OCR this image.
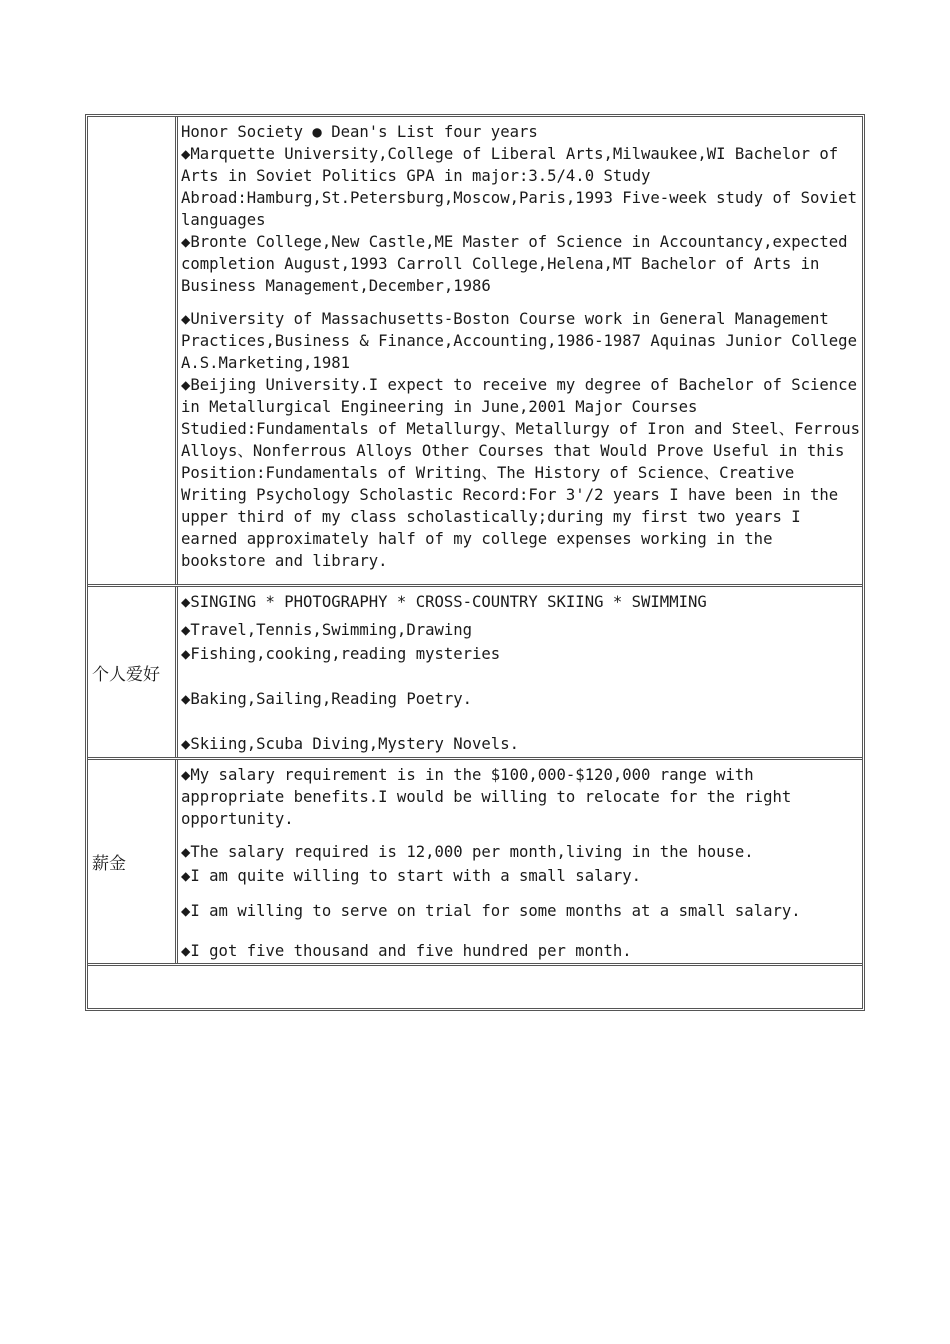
Honor Society ● Dean's List four years

◆Marquette University,College of Liberal Arts,Milwaukee,WI Bachelor of Arts in Soviet Politics GPA in major:3.5/4.0 Study Abroad:Hamburg,St.Petersburg,Moscow,Paris,1993 Five-week study of Soviet languages

◆Bronte College,New Castle,ME Master of Science in Accountancy,expected completion August,1993 Carroll College,Helena,MT Bachelor of Arts in Business Management,December,1986

◆University of Massachusetts-Boston Course work in General Management Practices,Business & Finance,Accounting,1986-1987 Aquinas Junior College A.S.Marketing,1981

◆Beijing University.I expect to receive my degree of Bachelor of Science in Metallurgical Engineering in June,2001 Major Courses Studied:Fundamentals of Metallurgy、Metallurgy of Iron and Steel、Ferrous Alloys、Nonferrous Alloys Other Courses that Would Prove Useful in this Position:Fundamentals of Writing、The History of Science、Creative Writing Psychology Scholastic Record:For 3'/2 years I have been in the upper third of my class scholastically;during my first two years I earned approximately half of my college expenses working in the bookstore and library.

个人爱好

◆SINGING * PHOTOGRAPHY * CROSS-COUNTRY SKIING * SWIMMING

◆Travel,Tennis,Swimming,Drawing

◆Fishing,cooking,reading mysteries

◆Baking,Sailing,Reading Poetry.

◆Skiing,Scuba Diving,Mystery Novels.

薪金

◆My salary requirement is in the $100,000-$120,000 range with appropriate benefits.I would be willing to relocate for the right opportunity.

◆The salary required is 12,000 per month,living in the house.

◆I am quite willing to start with a small salary.

◆I am willing to serve on trial for some months at a small salary.

◆I got five thousand and five hundred per month.
